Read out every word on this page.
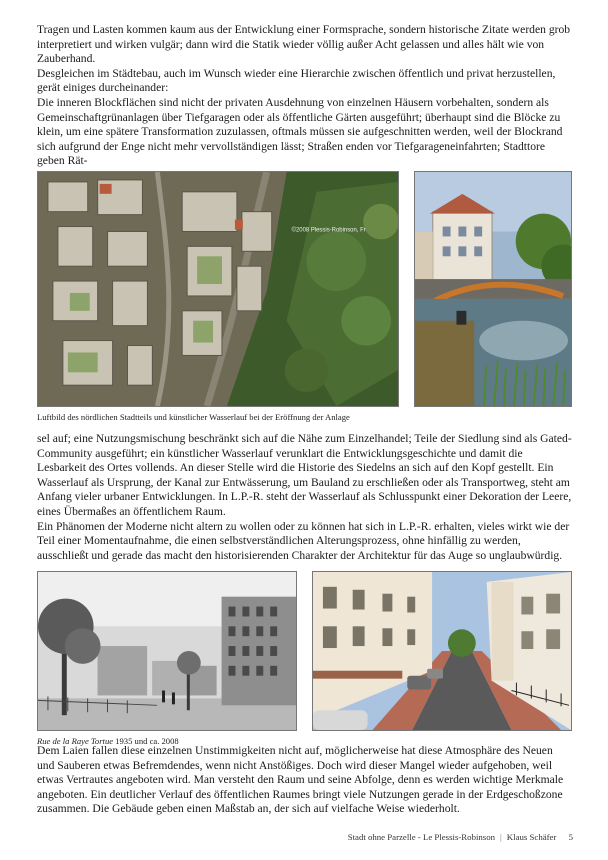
Tragen und Lasten kommen kaum aus der Entwicklung einer Formsprache, sondern historische Zitate werden grob interpretiert und wirken vulgär; dann wird die Statik wieder völlig außer Acht gelassen und alles hält wie von Zauberhand.

Desgleichen im Städtebau, auch im Wunsch wieder eine Hierarchie zwischen öffentlich und privat herzustellen, gerät einiges durcheinander:

Die inneren Blockflächen sind nicht der privaten Ausdehnung von einzelnen Häusern vorbehalten, sondern als Gemeinschaftgrünanlagen über Tiefgaragen oder als öffentliche Gärten ausgeführt; überhaupt sind die Blöcke zu klein, um eine spätere Transformation zuzulassen, oftmals müssen sie aufgeschnitten werden, weil der Blockrand sich aufgrund der Enge nicht mehr vervollständigen lässt; Straßen enden vor Tiefgarageneinfahrten; Stadttore geben Rät-

©2008 Plessis-Robinson, Fr
Luftbild des nördlichen Stadtteils und künstlicher Wasserlauf bei der Eröffnung der Anlage

sel auf; eine Nutzungsmischung beschränkt sich auf die Nähe zum Einzelhandel; Teile der Siedlung sind als Gated-Community ausgeführt; ein künstlicher Wasserlauf verunklart die Entwicklungsgeschichte und damit die Lesbarkeit des Ortes vollends. An dieser Stelle wird die Historie des Siedelns an sich auf den Kopf gestellt. Ein Wasserlauf als Ursprung, der Kanal zur Entwässerung, um Bauland zu erschließen oder als Transportweg, steht am Anfang vieler urbaner Entwicklungen. In L.P.-R. steht der Wasserlauf als Schlusspunkt einer Dekoration der Leere, eines Übermaßes an öffentlichem Raum.

Ein Phänomen der Moderne nicht altern zu wollen oder zu können hat sich in L.P.-R. erhalten, vieles wirkt wie der Teil einer Momentaufnahme, die einen selbstverständlichen Alterungsprozess, ohne hinfällig zu werden, ausschließt und gerade das macht den historisierenden Charakter der Architektur für das Auge so unglaubwürdig.

Rue de la Raye Tortue 1935 und ca. 2008

Dem Laien fallen diese einzelnen Unstimmigkeiten nicht auf, möglicherweise hat diese Atmosphäre des Neuen und Sauberen etwas Befremdendes, wenn nicht Anstößiges. Doch wird dieser Mangel wieder aufgehoben, weil etwas Vertrautes angeboten wird. Man versteht den Raum und seine Abfolge, denn es werden wichtige Merkmale angeboten. Ein deutlicher Verlauf des öffentlichen Raumes bringt viele Nutzungen gerade in der Erdgeschoßzone zusammen. Die Gebäude geben einen Maßstab an, der sich auf vielfache Weise wiederholt.

Stadt ohne Parzelle - Le Plessis-Robinson | Klaus Schäfer 5
